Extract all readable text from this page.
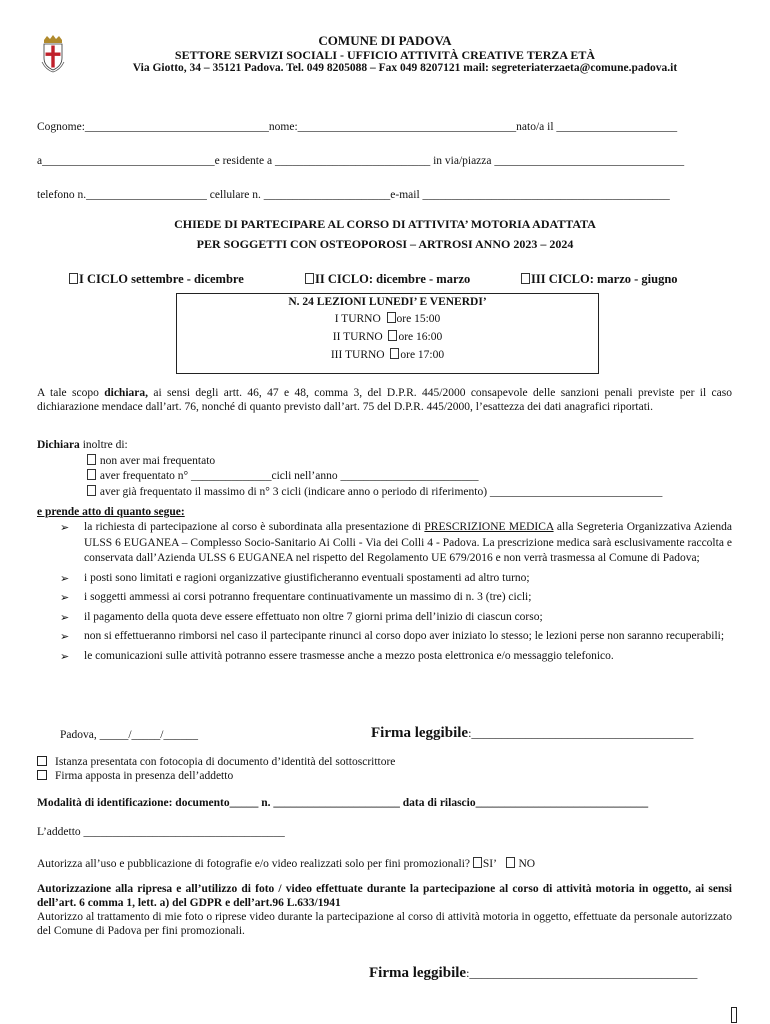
COMUNE DI PADOVA
SETTORE SERVIZI SOCIALI - UFFICIO ATTIVITÀ CREATIVE TERZA ETÀ
Via Giotto, 34 – 35121 Padova. Tel. 049 8205088 – Fax 049 8207121 mail: segreteriaterzaeta@comune.padova.it
Cognome:________________________________nome:______________________________________nato/a il _____________________
a______________________________e residente a ___________________________ in via/piazza _________________________________
telefono n._____________________ cellulare n. ______________________e-mail ___________________________________________
CHIEDE DI PARTECIPARE AL CORSO DI ATTIVITA’ MOTORIA ADATTATA
PER SOGGETTI CON OSTEOPOROSI – ARTROSI ANNO 2023 – 2024
I CICLO settembre - dicembre	II CICLO: dicembre - marzo	III CICLO: marzo - giugno
N. 24 LEZIONI LUNEDI’ E VENERDI’
I TURNO ore 15:00
II TURNO ore 16:00
III TURNO ore 17:00
A tale scopo dichiara, ai sensi degli artt. 46, 47 e 48, comma 3, del D.P.R. 445/2000 consapevole delle sanzioni penali previste per il caso dichiarazione mendace dall’art. 76, nonché di quanto previsto dall’art. 75 del D.P.R. 445/2000, l’esattezza dei dati anagrafici riportati.
Dichiara inoltre di:
non aver mai frequentato
aver frequentato n° ______________cicli nell’anno ________________________
aver già frequentato il massimo di n° 3 cicli (indicare anno o periodo di riferimento) ______________________________
e prende atto di quanto segue:
➢ la richiesta di partecipazione al corso è subordinata alla presentazione di PRESCRIZIONE MEDICA alla Segreteria Organizzativa Azienda ULSS 6 EUGANEA – Complesso Socio-Sanitario Ai Colli - Via dei Colli 4 - Padova. La prescrizione medica sarà esclusivamente raccolta e conservata dall’Azienda ULSS 6 EUGANEA nel rispetto del Regolamento UE 679/2016 e non verrà trasmessa al Comune di Padova;
➢ i posti sono limitati e ragioni organizzative giustificheranno eventuali spostamenti ad altro turno;
➢ i soggetti ammessi ai corsi potranno frequentare continuativamente un massimo di n. 3 (tre) cicli;
➢ il pagamento della quota deve essere effettuato non oltre 7 giorni prima dell’inizio di ciascun corso;
➢ non si effettueranno rimborsi nel caso il partecipante rinunci al corso dopo aver iniziato lo stesso; le lezioni perse non saranno recuperabili;
➢ le comunicazioni sulle attività potranno essere trasmesse anche a mezzo posta elettronica e/o messaggio telefonico.
Padova, _____/_____/______	Firma leggibile:_____________________________________
Istanza presentata con fotocopia di documento d’identità del sottoscrittore
Firma apposta in presenza dell’addetto
Modalità di identificazione: documento_____ n. ______________________ data di rilascio______________________________
L’addetto ___________________________________
Autorizza all’uso e pubblicazione di fotografie e/o video realizzati solo per fini promozionali? SI’ NO
Autorizzazione alla ripresa e all’utilizzo di foto / video effettuate durante la partecipazione al corso di attività motoria in oggetto, ai sensi dell’art. 6 comma 1, lett. a) del GDPR e dell’art.96 L.633/1941
Autorizzo al trattamento di mie foto o riprese video durante la partecipazione al corso di attività motoria in oggetto, effettuate da personale autorizzato del Comune di Padova per fini promozionali.
Firma leggibile:______________________________________
